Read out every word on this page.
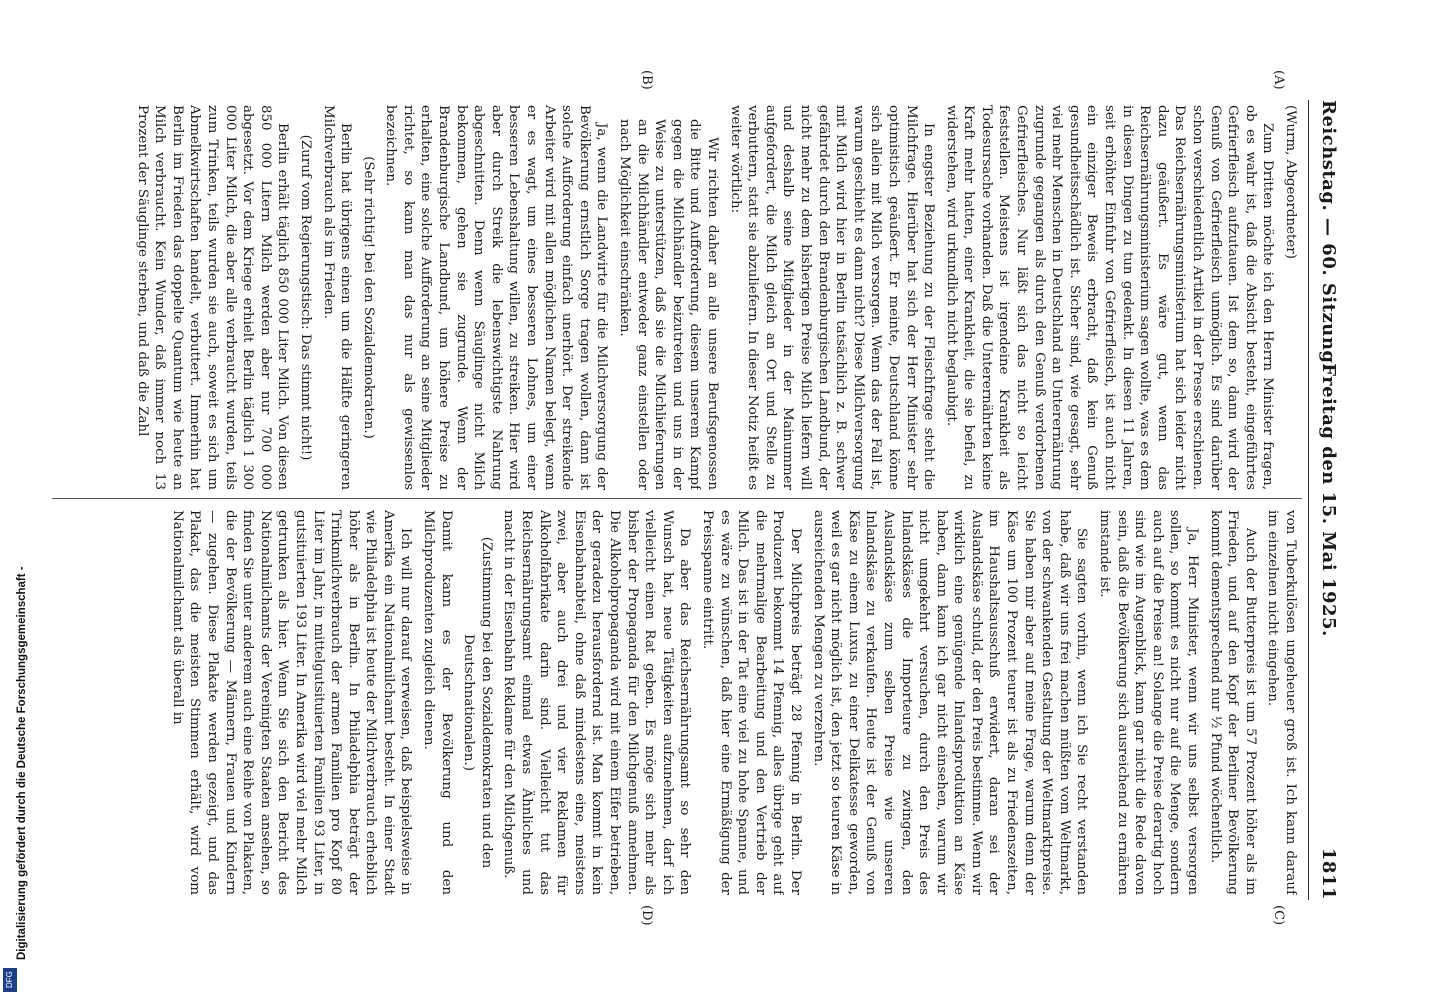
Reichstag. — 60. Sitzung.
Freitag den 15. Mai 1925.
1811
(A)
(B)
(C)
(D)

(Wurm, Abgeordneter)

Zum Dritten möchte ich den Herrn Minister fragen, ob es wahr ist, daß die Absicht besteht, eingeführtes Gefrierfleisch aufzutauen. Ist dem so, dann wird der Genuß von Gefrierfleisch unmöglich. Es sind darüber schon verschiedentlich Artikel in der Presse erschienen. Das Reichsernährungsministerium hat sich leider nicht dazu geäußert. Es wäre gut, wenn das Reichsernährungsministerium sagen wollte, was es dem in diesen Dingen zu tun gedenkt. In diesen 11 Jahren, seit erhöhter Einfuhr von Gefrierfleisch, ist auch nicht ein einziger Beweis erbracht, daß kein Genuß gesundheitsschädlich ist. Sicher sind, wie gesagt, sehr viel mehr Menschen in Deutschland an Unterernährung zugrunde gegangen als durch den Genuß verdorbenen Gefrierfleisches. Nur läßt sich das nicht so leicht feststellen. Meistens ist irgendeine Krankheit als Todesursache vorhanden. Daß die Unterernährten keine Kraft mehr hatten, einer Krankheit, die sie befiel, zu widerstehen, wird urkundlich nicht beglaubigt.

In engster Beziehung zu der Fleischfrage steht die Milchfrage. Hierüber hat sich der Herr Minister sehr optimistisch geäußert. Er meinte, Deutschland könne sich allein mit Milch versorgen. Wenn das der Fall ist, warum geschieht es dann nicht? Diese Milchversorgung mit Milch wird hier in Berlin tatsächlich z. B. schwer gefährdet durch den Brandenburgischen Landbund, der nicht mehr zu dem bisherigen Preise Milch liefern will und deshalb seine Mitglieder in der Mainummer aufgefordert, die Milch gleich an Ort und Stelle zu verbuttern, statt sie abzuliefern. In dieser Notiz heißt es weiter wörtlich:

Wir richten daher an alle unsere Berufsgenossen die Bitte und Aufforderung, diesem unserem Kampf gegen die Milchhändler beizutreten und uns in der Weise zu unterstützen, daß sie die Milchlieferungen an die Milchhändler entweder ganz einstellen oder nach Möglichkeit einschränken.

Ja, wenn die Landwirte für die Milchversorgung der Bevölkerung ernstlich Sorge tragen wollen, dann ist solche Aufforderung einfach unerhört. Der streikende Arbeiter wird mit allen möglichen Namen belegt, wenn er es wagt, um eines besseren Lohnes, um einer besseren Lebenshaltung willen, zu streiken. Hier wird aber durch Streik die lebenswichtigste Nahrung abgeschnitten. Denn wenn Säuglinge nicht Milch bekommen, gehen sie zugrunde. Wenn der Brandenburgische Landbund, um höhere Preise zu erhalten, eine solche Aufforderung an seine Mitglieder richtet, so kann man das nur als gewissenlos bezeichnen.

(Sehr richtig! bei den Sozialdemokraten.)

Berlin hat übrigens einen um die Hälfte geringeren Milchverbrauch als im Frieden.

(Zuruf vom Regierungstisch: Das stimmt nicht!)

Berlin erhält täglich 850 000 Liter Milch. Von diesen 850 000 Litern Milch werden aber nur 700 000 abgesetzt. Vor dem Kriege erhielt Berlin täglich 1 300 000 Liter Milch, die aber alle verbraucht wurden, teils zum Trinken, teils wurden sie auch, soweit es sich um Abmelkwirtschaften handelt, verbuttert. Immerhin hat Berlin im Frieden das doppelte Quantum wie heute an Milch verbraucht. Kein Wunder, daß immer noch 13 Prozent der Säuglinge sterben, und daß die Zahl

von Tuberkulösen ungeheuer groß ist. Ich kann darauf im einzelnen nicht eingehen.

Auch der Butterpreis ist um 57 Prozent höher als im Frieden, und auf den Kopf der Berliner Bevölkerung kommt dementsprechend nur ½ Pfund wöchentlich.

Ja, Herr Minister, wenn wir uns selbst versorgen sollen, so kommt es nicht nur auf die Menge, sondern auch auf die Preise an! Solange die Preise derartig hoch sind wie im Augenblick, kann gar nicht die Rede davon sein, daß die Bevölkerung sich ausreichend zu ernähren imstande ist.

Sie sagten vorhin, wenn ich Sie recht verstanden habe, daß wir uns frei machen müßten vom Weltmarkt, von der schwankenden Gestaltung der Weltmarktpreise. Sie haben mir aber auf meine Frage, warum denn der Käse um 100 Prozent teurer ist als zu Friedenszeiten, im Haushaltsausschuß erwidert, daran sei der Auslandskäse schuld, der den Preis bestimme. Wenn wir wirklich eine genügende Inlandsproduktion an Käse haben, dann kann ich gar nicht einsehen, warum wir nicht umgekehrt versuchen, durch den Preis des Inlandskäses die Importeure zu zwingen, den Auslandskäse zum selben Preise wie unseren Inlandskäse zu verkaufen. Heute ist der Genuß von Käse zu einem Luxus, zu einer Delikatesse geworden, weil es gar nicht möglich ist, den jetzt so teuren Käse in ausreichenden Mengen zu verzehren.

Der Milchpreis beträgt 28 Pfennig in Berlin. Der Produzent bekommt 14 Pfennig, alles übrige geht auf die mehrmalige Bearbeitung und den Vertrieb der Milch. Das ist in der Tat eine viel zu hohe Spanne, und es wäre zu wünschen, daß hier eine Ermäßigung der Preisspanne eintritt.

Da aber das Reichsernährungsamt so sehr den Wunsch hat, neue Tätigkeiten aufzunehmen, darf ich vielleicht einen Rat geben. Es möge sich mehr als bisher der Propaganda für den Milchgenuß annehmen. Die Alkoholpropaganda wird mit einem Eifer betrieben, der geradezu herausfordernd ist. Man kommt in kein Eisenbahnabteil, ohne daß mindestens eine, meistens zwei, aber auch drei und vier Reklamen für Alkoholfabrikate darin sind. Vielleicht tut das Reichsernährungsamt einmal etwas Ähnliches und macht in der Eisenbahn Reklame für den Milchgenuß.

(Zustimmung bei den Sozialdemokraten und den Deutschnationalen.)

Damit kann es der Bevölkerung und den Milchproduzenten zugleich dienen.

Ich will nur darauf verweisen, daß beispielsweise in Amerika ein Nationalmilchamt besteht. In einer Stadt wie Philadelphia ist heute der Milchverbrauch erheblich höher als in Berlin. In Philadelphia beträgt der Trinkmilchverbrauch der armen Familien pro Kopf 80 Liter im Jahr, in mittelgutsituierten Familien 93 Liter, in gutsituierten 193 Liter. In Amerika wird viel mehr Milch getrunken als hier. Wenn Sie sich den Bericht des Nationalmilchamts der Vereinigten Staaten ansehen, so finden Sie unter anderem auch eine Reihe von Plakaten, die der Bevölkerung — Männern, Frauen und Kindern — zugehen. Diese Plakate werden gezeigt, und das Plakat, das die meisten Stimmen erhält, wird vom Nationalmilchamt als überall in

Digitalisierung gefördert durch die Deutsche Forschungsgemeinschaft -
DFG
